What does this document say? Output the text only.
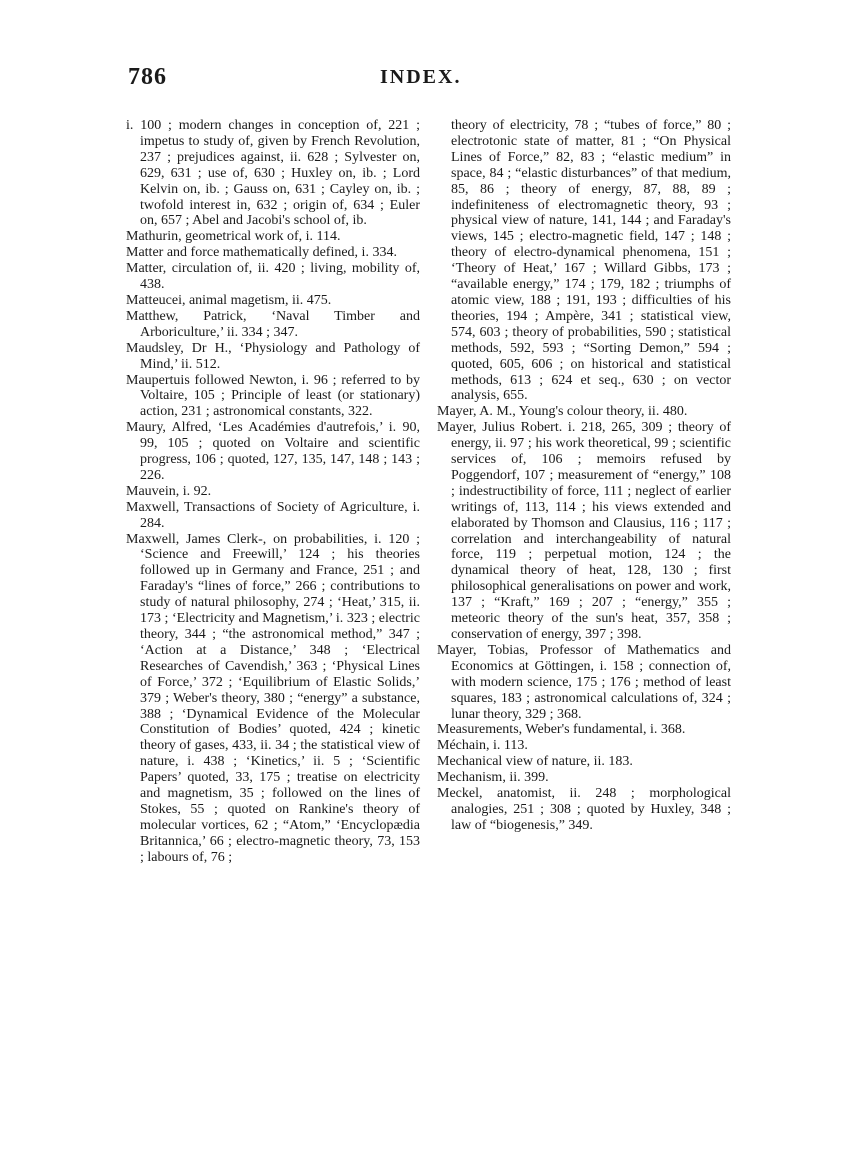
786	INDEX.

i. 100 ; modern changes in conception of, 221 ; impetus to study of, given by French Revolution, 237 ; prejudices against, ii. 628 ; Sylvester on, 629, 631 ; use of, 630 ; Huxley on, ib. ; Lord Kelvin on, ib. ; Gauss on, 631 ; Cayley on, ib. ; twofold interest in, 632 ; origin of, 634 ; Euler on, 657 ; Abel and Jacobi's school of, ib.

Mathurin, geometrical work of, i. 114.

Matter and force mathematically defined, i. 334.

Matter, circulation of, ii. 420 ; living, mobility of, 438.

Matteucei, animal magetism, ii. 475.

Matthew, Patrick, ‘Naval Timber and Arboriculture,’ ii. 334 ; 347.

Maudsley, Dr H., ‘Physiology and Pathology of Mind,’ ii. 512.

Maupertuis followed Newton, i. 96 ; referred to by Voltaire, 105 ; Principle of least (or stationary) action, 231 ; astronomical constants, 322.

Maury, Alfred, ‘Les Académies d'autrefois,’ i. 90, 99, 105 ; quoted on Voltaire and scientific progress, 106 ; quoted, 127, 135, 147, 148 ; 143 ; 226.

Mauvein, i. 92.

Maxwell, Transactions of Society of Agriculture, i. 284.

Maxwell, James Clerk-, on probabilities, i. 120 ; ‘Science and Freewill,’ 124 ; his theories followed up in Germany and France, 251 ; and Faraday's “lines of force,” 266 ; contributions to study of natural philosophy, 274 ; ‘Heat,’ 315, ii. 173 ; ‘Electricity and Magnetism,’ i. 323 ; electric theory, 344 ; “the astronomical method,” 347 ; ‘Action at a Distance,’ 348 ; ‘Electrical Researches of Cavendish,’ 363 ; ‘Physical Lines of Force,’ 372 ; ‘Equilibrium of Elastic Solids,’ 379 ; Weber's theory, 380 ; “energy” a substance, 388 ; ‘Dynamical Evidence of the Molecular Constitution of Bodies’ quoted, 424 ; kinetic theory of gases, 433, ii. 34 ; the statistical view of nature, i. 438 ; ‘Kinetics,’ ii. 5 ; ‘Scientific Papers’ quoted, 33, 175 ; treatise on electricity and magnetism, 35 ; followed on the lines of Stokes, 55 ; quoted on Rankine's theory of molecular vortices, 62 ; “Atom,” ‘Encyclopædia Britannica,’ 66 ; electro-magnetic theory, 73, 153 ; labours of, 76 ;

theory of electricity, 78 ; “tubes of force,” 80 ; electrotonic state of matter, 81 ; “On Physical Lines of Force,” 82, 83 ; “elastic medium” in space, 84 ; “elastic disturbances” of that medium, 85, 86 ; theory of energy, 87, 88, 89 ; indefiniteness of electromagnetic theory, 93 ; physical view of nature, 141, 144 ; and Faraday's views, 145 ; electro-magnetic field, 147 ; 148 ; theory of electro-dynamical phenomena, 151 ; ‘Theory of Heat,’ 167 ; Willard Gibbs, 173 ; “available energy,” 174 ; 179, 182 ; triumphs of atomic view, 188 ; 191, 193 ; difficulties of his theories, 194 ; Ampère, 341 ; statistical view, 574, 603 ; theory of probabilities, 590 ; statistical methods, 592, 593 ; “Sorting Demon,” 594 ; quoted, 605, 606 ; on historical and statistical methods, 613 ; 624 et seq., 630 ; on vector analysis, 655.

Mayer, A. M., Young's colour theory, ii. 480.

Mayer, Julius Robert. i. 218, 265, 309 ; theory of energy, ii. 97 ; his work theoretical, 99 ; scientific services of, 106 ; memoirs refused by Poggendorf, 107 ; measurement of “energy,” 108 ; indestructibility of force, 111 ; neglect of earlier writings of, 113, 114 ; his views extended and elaborated by Thomson and Clausius, 116 ; 117 ; correlation and interchangeability of natural force, 119 ; perpetual motion, 124 ; the dynamical theory of heat, 128, 130 ; first philosophical generalisations on power and work, 137 ; “Kraft,” 169 ; 207 ; “energy,” 355 ; meteoric theory of the sun's heat, 357, 358 ; conservation of energy, 397 ; 398.

Mayer, Tobias, Professor of Mathematics and Economics at Göttingen, i. 158 ; connection of, with modern science, 175 ; 176 ; method of least squares, 183 ; astronomical calculations of, 324 ; lunar theory, 329 ; 368.

Measurements, Weber's fundamental, i. 368.

Méchain, i. 113.

Mechanical view of nature, ii. 183.

Mechanism, ii. 399.

Meckel, anatomist, ii. 248 ; morphological analogies, 251 ; 308 ; quoted by Huxley, 348 ; law of “biogenesis,” 349.
